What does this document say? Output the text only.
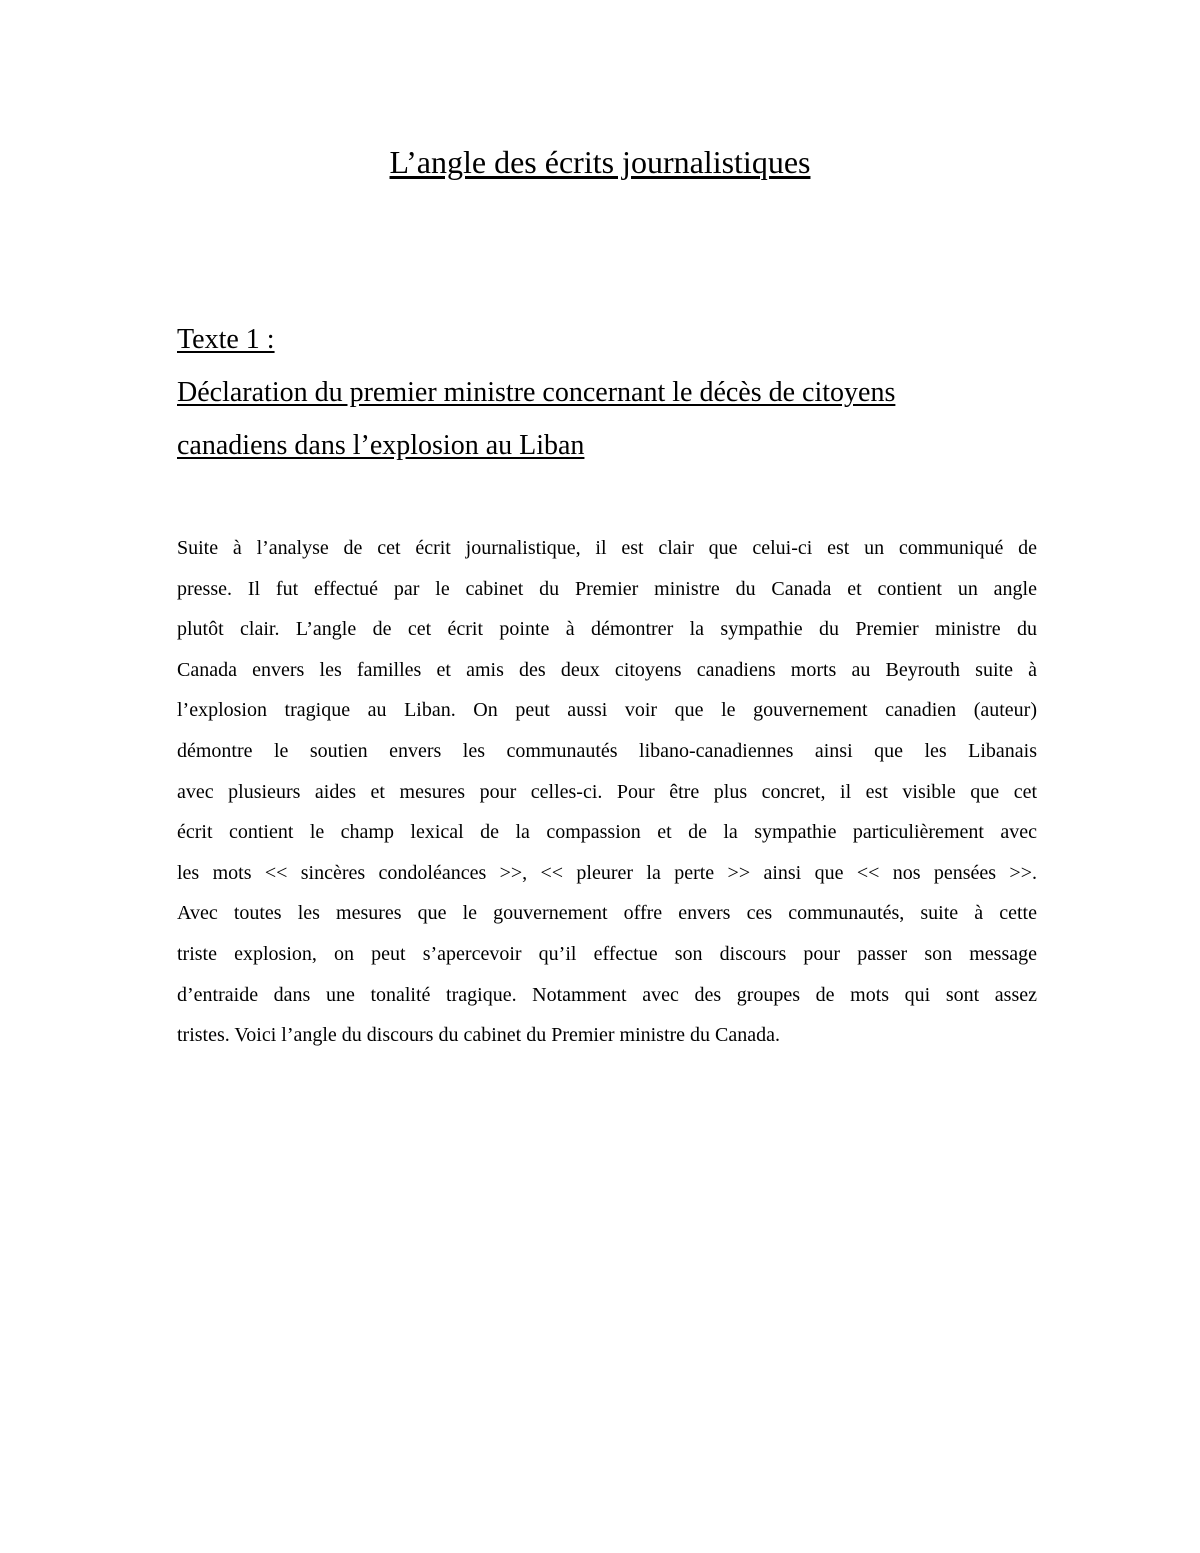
L’angle des écrits journalistiques
Texte 1 :
Déclaration du premier ministre concernant le décès de citoyens
canadiens dans l’explosion au Liban
Suite à l’analyse de cet écrit journalistique, il est clair que celui-ci est un communiqué de
presse. Il fut effectué par le cabinet du Premier ministre du Canada et contient un angle
plutôt clair. L’angle de cet écrit pointe à démontrer la sympathie du Premier ministre du
Canada envers les familles et amis des deux citoyens canadiens morts au Beyrouth suite à
l’explosion tragique au Liban. On peut aussi voir que le gouvernement canadien (auteur)
démontre le soutien envers les communautés libano-canadiennes ainsi que les Libanais
avec plusieurs aides et mesures pour celles-ci. Pour être plus concret, il est visible que cet
écrit contient le champ lexical de la compassion et de la sympathie particulièrement avec
les mots << sincères condoléances >>, << pleurer la perte >> ainsi que << nos pensées >>.
Avec toutes les mesures que le gouvernement offre envers ces communautés, suite à cette
triste explosion, on peut s’apercevoir qu’il effectue son discours pour passer son message
d’entraide dans une tonalité tragique. Notamment avec des groupes de mots qui sont assez
tristes. Voici l’angle du discours du cabinet du Premier ministre du Canada.
